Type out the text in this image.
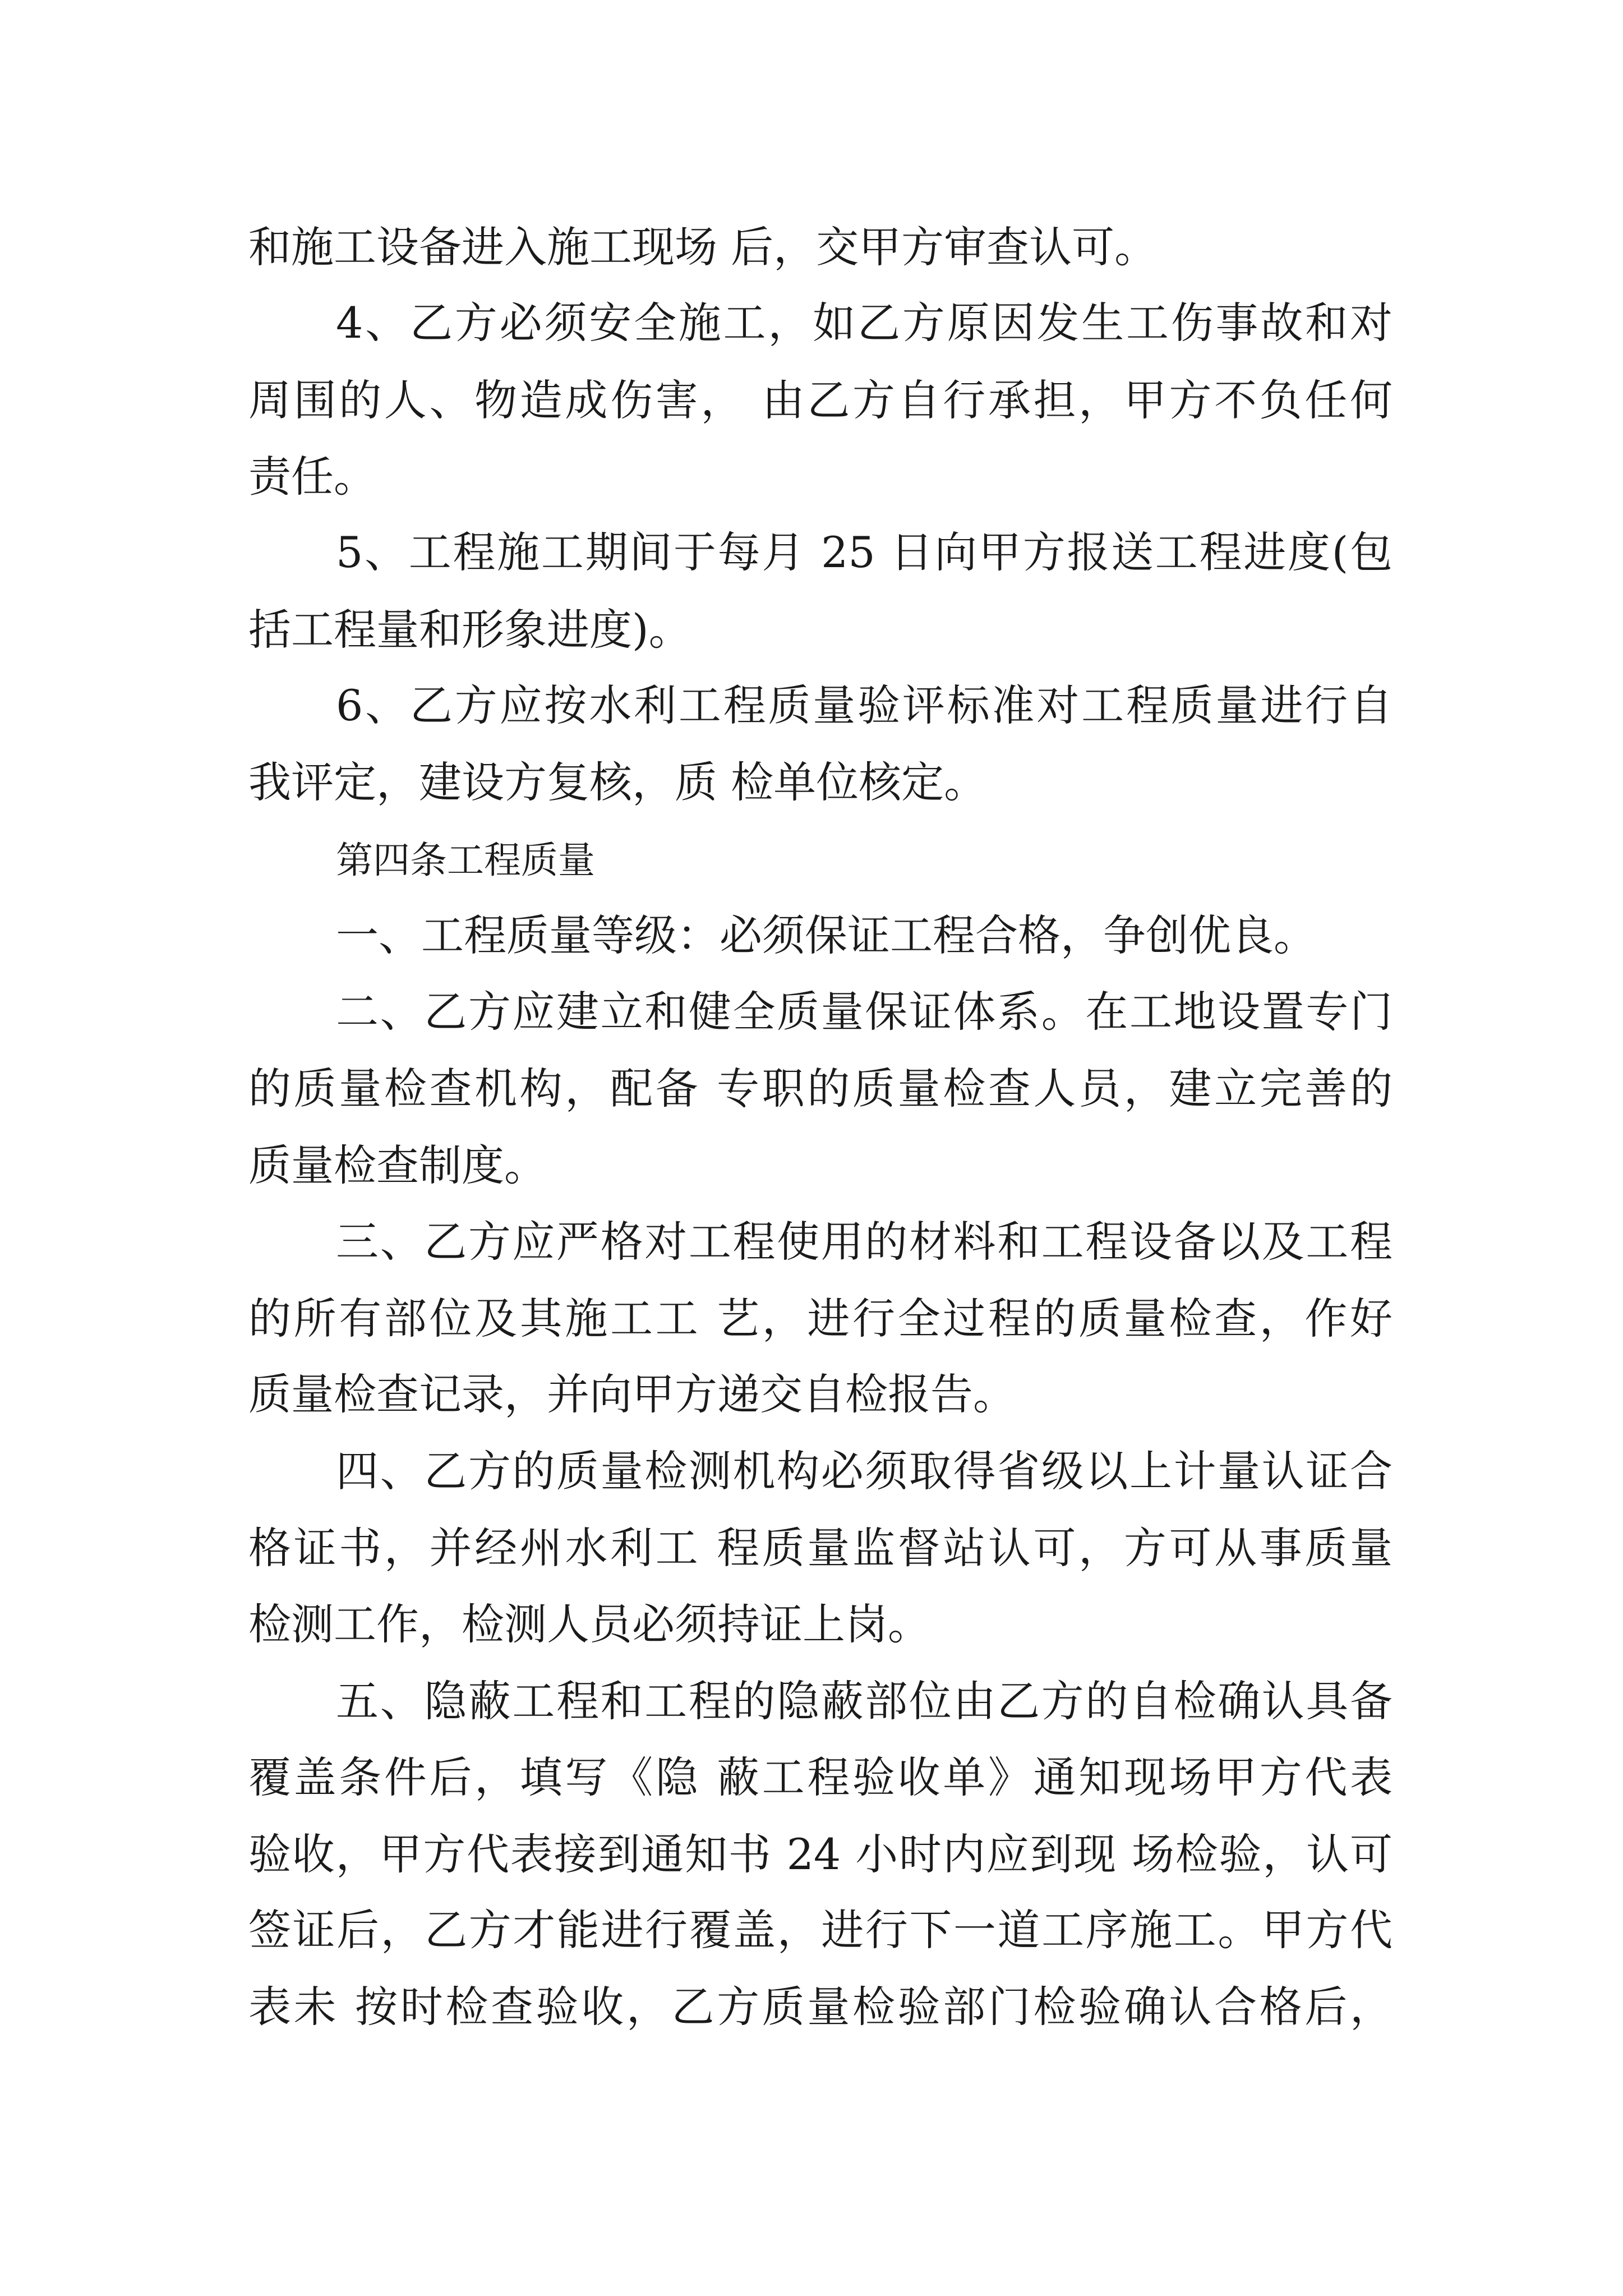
和施工设备进入施工现场 后，交甲方审查认可。
4、乙方必须安全施工，如乙方原因发生工伤事故和对
周围的人、物造成伤害， 由乙方自行承担，甲方不负任何
责任。
5、工程施工期间于每月 25 日向甲方报送工程进度(包
括工程量和形象进度)。
6、乙方应按水利工程质量验评标准对工程质量进行自
我评定，建设方复核，质 检单位核定。
第四条工程质量
一、工程质量等级：必须保证工程合格，争创优良。
二、乙方应建立和健全质量保证体系。在工地设置专门
的质量检查机构，配备 专职的质量检查人员，建立完善的
质量检查制度。
三、乙方应严格对工程使用的材料和工程设备以及工程
的所有部位及其施工工 艺，进行全过程的质量检查，作好
质量检查记录，并向甲方递交自检报告。
四、乙方的质量检测机构必须取得省级以上计量认证合
格证书，并经州水利工 程质量监督站认可，方可从事质量
检测工作，检测人员必须持证上岗。
五、隐蔽工程和工程的隐蔽部位由乙方的自检确认具备
覆盖条件后，填写《隐 蔽工程验收单》通知现场甲方代表
验收，甲方代表接到通知书 24 小时内应到现 场检验，认可
签证后，乙方才能进行覆盖，进行下一道工序施工。甲方代
表未 按时检查验收，乙方质量检验部门检验确认合格后，
